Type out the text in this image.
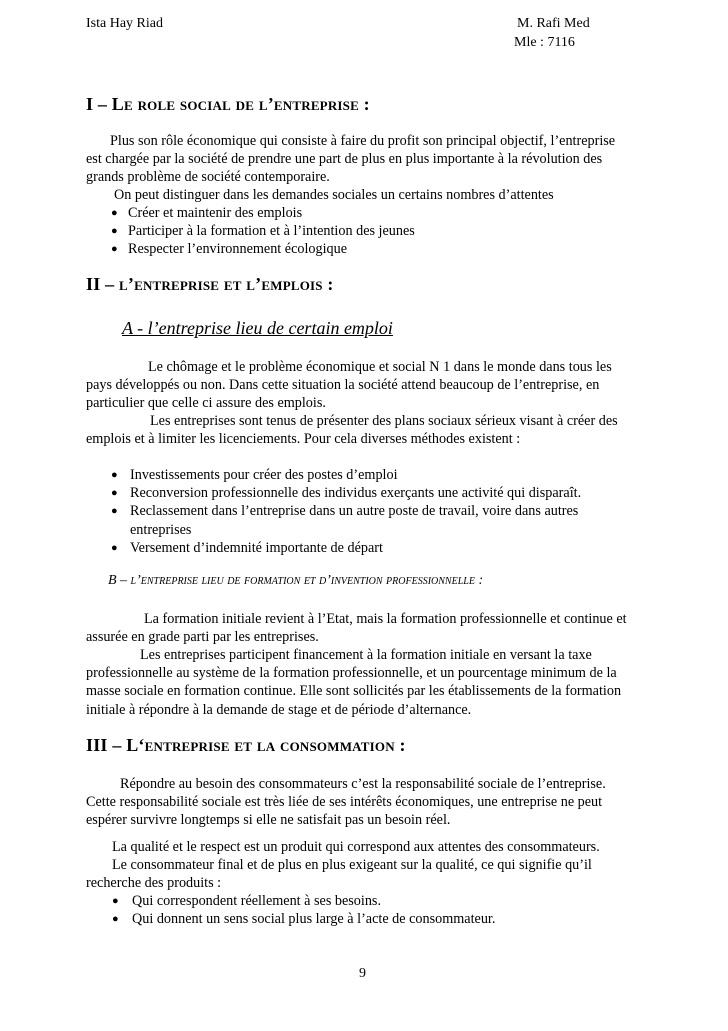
Ista Hay Riad	M. Rafi Med
Mle : 7116
I – Le role social de l’entreprise :
Plus son rôle économique qui consiste à faire du profit son principal objectif, l’entreprise
est chargée par la société de prendre une part de plus en plus importante à la révolution des
grands problème de société contemporaire.
On peut distinguer dans les demandes sociales un certains nombres d’attentes
● Créer et maintenir des emplois
● Participer à la formation et à l’intention des jeunes
● Respecter l’environnement écologique
II – l’entreprise et l’emplois :
A - l’entreprise lieu de certain emploi
Le chômage et le problème économique et social N 1 dans le monde dans tous les
pays développés ou non. Dans cette situation la société attend beaucoup de l’entreprise, en
particulier que celle ci assure des emplois.
Les entreprises sont tenus de présenter des plans sociaux sérieux visant à créer des
emplois et à limiter les licenciements. Pour cela diverses méthodes existent :
● Investissements pour créer des postes d’emploi
● Reconversion professionnelle des individus exerçants une activité qui disparaît.
● Reclassement dans l’entreprise dans un autre poste de travail, voire dans autres
entreprises
● Versement d’indemnité importante de départ
B – l’entreprise lieu de formation et d’invention professionnelle :
La formation initiale revient à l’Etat, mais la formation professionnelle et continue et
assurée en grade parti par les entreprises.
Les entreprises participent financement à la formation initiale en versant la taxe
professionnelle au système de la formation professionnelle, et un pourcentage minimum de la
masse sociale en formation continue. Elle sont sollicités par les établissements de la formation
initiale à répondre à la demande de stage et de période d’alternance.
III – L‘entreprise et la consommation :
Répondre au besoin des consommateurs c’est la responsabilité sociale de l’entreprise.
Cette responsabilité sociale est très liée de ses intérêts économiques, une entreprise ne peut
espérer survivre longtemps si elle ne satisfait pas un besoin réel.
La qualité et le respect est un produit qui correspond aux attentes des consommateurs.
Le consommateur final et de plus en plus exigeant sur la qualité, ce qui signifie qu’il
recherche des produits :
● Qui correspondent réellement à ses besoins.
● Qui donnent un sens social plus large à l’acte de consommateur.
9
